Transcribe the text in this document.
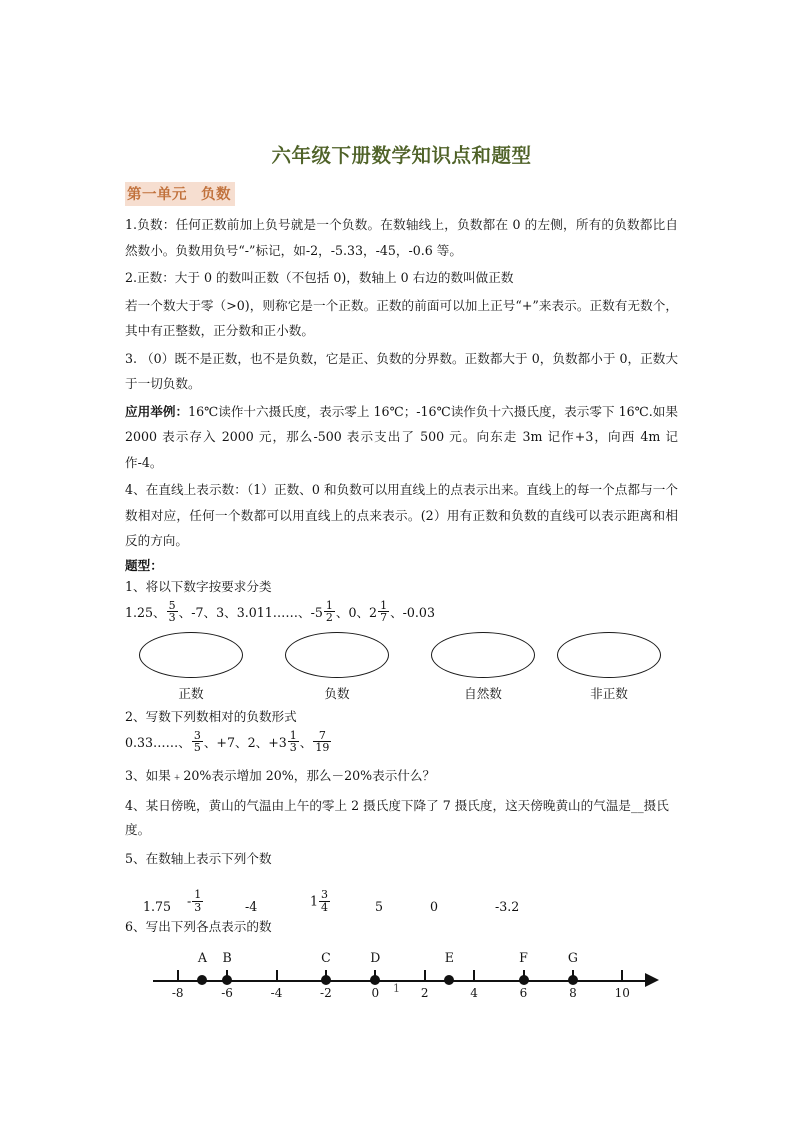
六年级下册数学知识点和题型
第一单元 负数

1.负数：任何正数前加上负号就是一个负数。在数轴线上，负数都在 0 的左侧，所有的负数都比自然数小。负数用负号“-”标记，如-2，-5.33，-45，-0.6 等。

2.正数：大于 0 的数叫正数（不包括 0)，数轴上 0 右边的数叫做正数

若一个数大于零（>0)，则称它是一个正数。正数的前面可以加上正号“+”来表示。正数有无数个，其中有正整数，正分数和正小数。

3. （0）既不是正数，也不是负数，它是正、负数的分界数。正数都大于 0，负数都小于 0，正数大于一切负数。

应用举例：16℃读作十六摄氏度，表示零上 16℃；-16℃读作负十六摄氏度，表示零下 16℃.如果 2000 表示存入 2000 元，那么-500 表示支出了 500 元。向东走 3m 记作+3，向西 4m 记作-4。

4、在直线上表示数：（1）正数、0 和负数可以用直线上的点表示出来。直线上的每一个点都与一个数相对应，任何一个数都可以用直线上的点来表示。(2）用有正数和负数的直线可以表示距离和相反的方向。

题型：

1、将以下数字按要求分类

1.25、 $\frac{5}{3}$ 、-7、3、3.011……、$-5 \frac{1}{2}$ 、0、$2 \frac{1}{7}$ 、-0.03
正数	负数	自然数	非正数

2、写数下列数相对的负数形式

0.33……、 $\frac{3}{5}$ 、+7、2、$+3 \frac{1}{3}$ 、 $\frac{7}{19}$

3、如果﹢20%表示增加 20%，那么－20%表示什么？

4、某日傍晚，黄山的气温由上午的零上 2 摄氏度下降了 7 摄氏度，这天傍晚黄山的气温是__摄氏度。

5、在数轴上表示下列个数

$1.75 - \frac{1}{3}$	-4	$1 \frac{3}{4}$	5	0	-3.2

6、写出下列各点表示的数

-8	-6	-4	-2	0	2	4	6	8	10
A B	C	D	E	F	G
1
